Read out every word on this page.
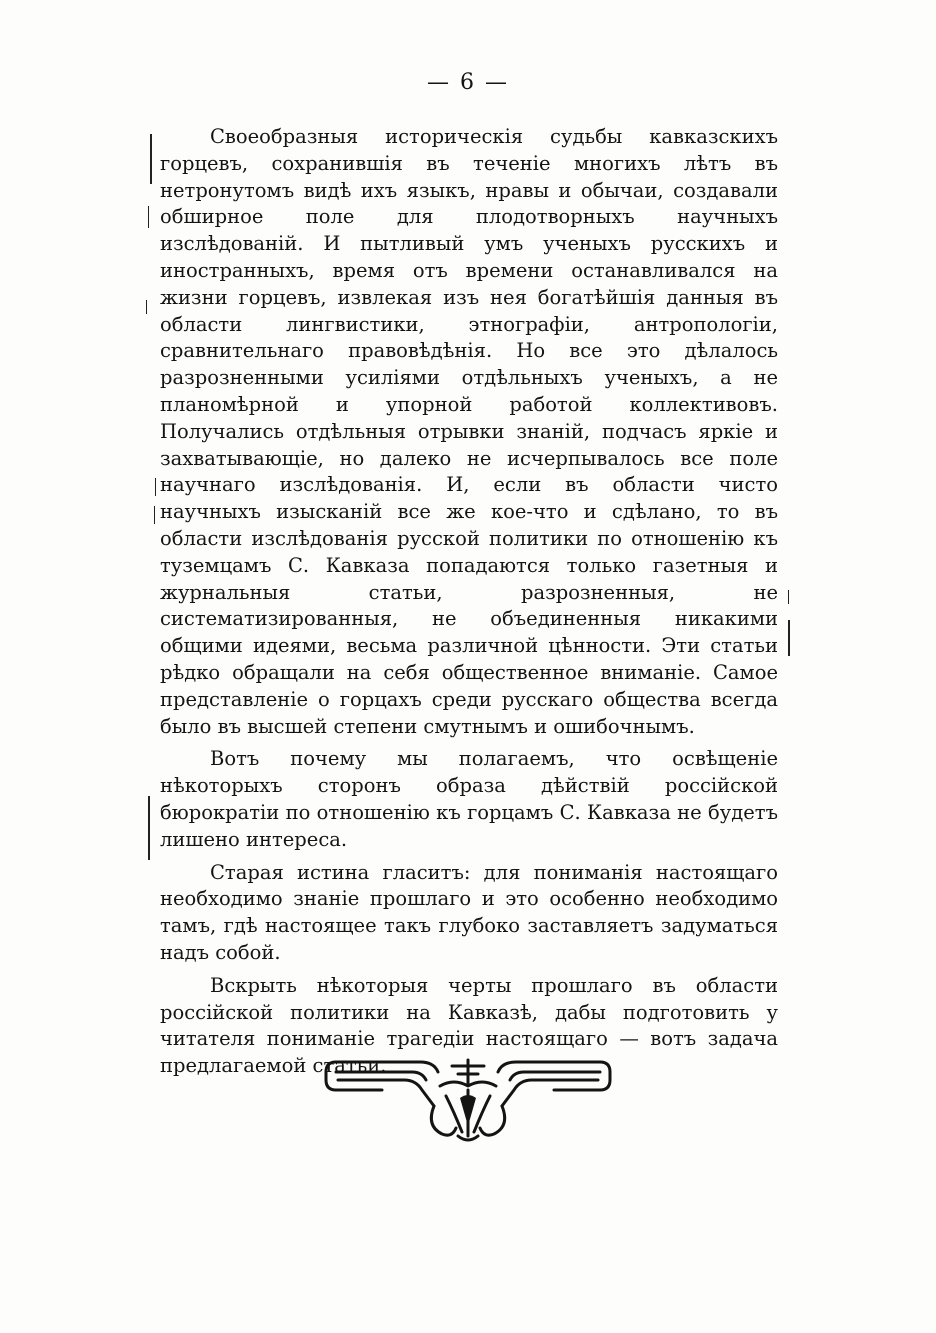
— 6 —

Своеобразныя историческія судьбы кавказскихъ горцевъ, сохранившія въ теченіе многихъ лѣтъ въ нетронутомъ видѣ ихъ языкъ, нравы и обычаи, создавали обширное поле для плодотворныхъ научныхъ изслѣдованій. И пытливый умъ ученыхъ русскихъ и иностранныхъ, время отъ времени останавливался на жизни горцевъ, извлекая изъ нея богатѣйшія данныя въ области лингвистики, этнографіи, антропологіи, сравнительнаго правовѣдѣнія. Но все это дѣлалось разрозненными усиліями отдѣльныхъ ученыхъ, а не планомѣрной и упорной работой коллективовъ. Получались отдѣльныя отрывки знаній, подчасъ яркіе и захватывающіе, но далеко не исчерпывалось все поле научнаго изслѣдованія. И, если въ области чисто научныхъ изысканій все же кое-что и сдѣлано, то въ области изслѣдованія русской политики по отношенію къ туземцамъ С. Кавказа попадаются только газетныя и журнальныя статьи, разрозненныя, не систематизированныя, не объединенныя никакими общими идеями, весьма различной цѣнности. Эти статьи рѣдко обращали на себя общественное вниманіе. Самое представленіе о горцахъ среди русскаго общества всегда было въ высшей степени смутнымъ и ошибочнымъ.

Вотъ почему мы полагаемъ, что освѣщеніе нѣкоторыхъ сторонъ образа дѣйствій россійской бюрократіи по отношенію къ горцамъ С. Кавказа не будетъ лишено интереса.

Старая истина гласитъ: для пониманія настоящаго необходимо знаніе прошлаго и это особенно необходимо тамъ, гдѣ настоящее такъ глубоко заставляетъ задуматься надъ собой.

Вскрыть нѣкоторыя черты прошлаго въ области россійской политики на Кавказѣ, дабы подготовить у читателя пониманіе трагедіи настоящаго — вотъ задача предлагаемой статьи.
